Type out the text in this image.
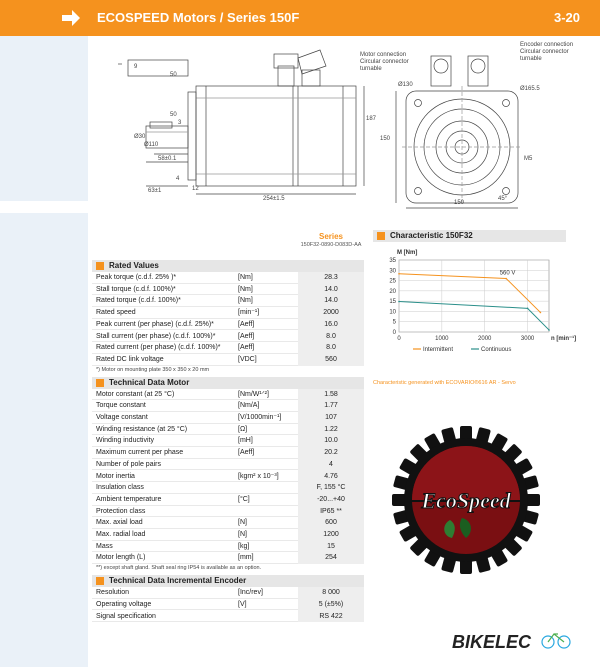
ECOSPEED Motors / Series 150F	3-20
Motor connection
Circular connector
turnable
Encoder connection
Circular connector
turnable
50
50
187
254±1.5
150
150
Ø30
Ø110
58±0.1
63±1
4
3
12
9
M5
Ø165.5
Ø130
45°
Series
150F32-0890-D083D-AA
Rated Values
Peak torque (c.d.f. 25% )*	[Nm]	28.3
Stall torque (c.d.f. 100%)*	[Nm]	14.0
Rated torque (c.d.f. 100%)*	[Nm]	14.0
Rated speed	[min⁻¹]	2000
Peak current (per phase) (c.d.f. 25%)*	[Aeff]	16.0
Stall current (per phase) (c.d.f. 100%)*	[Aeff]	8.0
Rated current (per phase) (c.d.f. 100%)* [Aeff]	8.0
Rated DC link voltage	[VDC]	560
*) Motor on mounting plate 350 x 350 x 20 mm
Technical Data Motor
Motor constant (at 25 °C)	[Nm/W¹ᐟ²]	1.58
Torque constant	[Nm/A]	1.77
Voltage constant	[V/1000min⁻¹]	107
Winding resistance (at 25 °C)	[Ω]	1.22
Winding inductivity	[mH]	10.0
Maximum current per phase	[Aeff]	20.2
Number of pole pairs	4
Motor inertia	[kgm² x 10⁻³]	4.76
Insulation class	F, 155 °C
Ambient temperature	[°C]	-20...+40
Protection class	IP65 **
Max. axial load	[N]	600
Max. radial load	[N]	1200
Mass	[kg]	15
Motor length (L)	[mm]	254
**) except shaft gland. Shaft seal ring IP54 is available as an option.
Technical Data Incremental Encoder
Resolution	[Inc/rev]	8 000
Operating voltage	[V]	5 (±5%)
Signal specification	RS 422
Characteristic 150F32
0
5
10
15
20
25
30
35
0	1000	2000	3000
M [Nm]
n [min⁻¹]
Intermittent	Continuous
560 V
Characteristic generated with ECOVARIO®616 AR - Servo
EcoSpeed
BIKELEC
